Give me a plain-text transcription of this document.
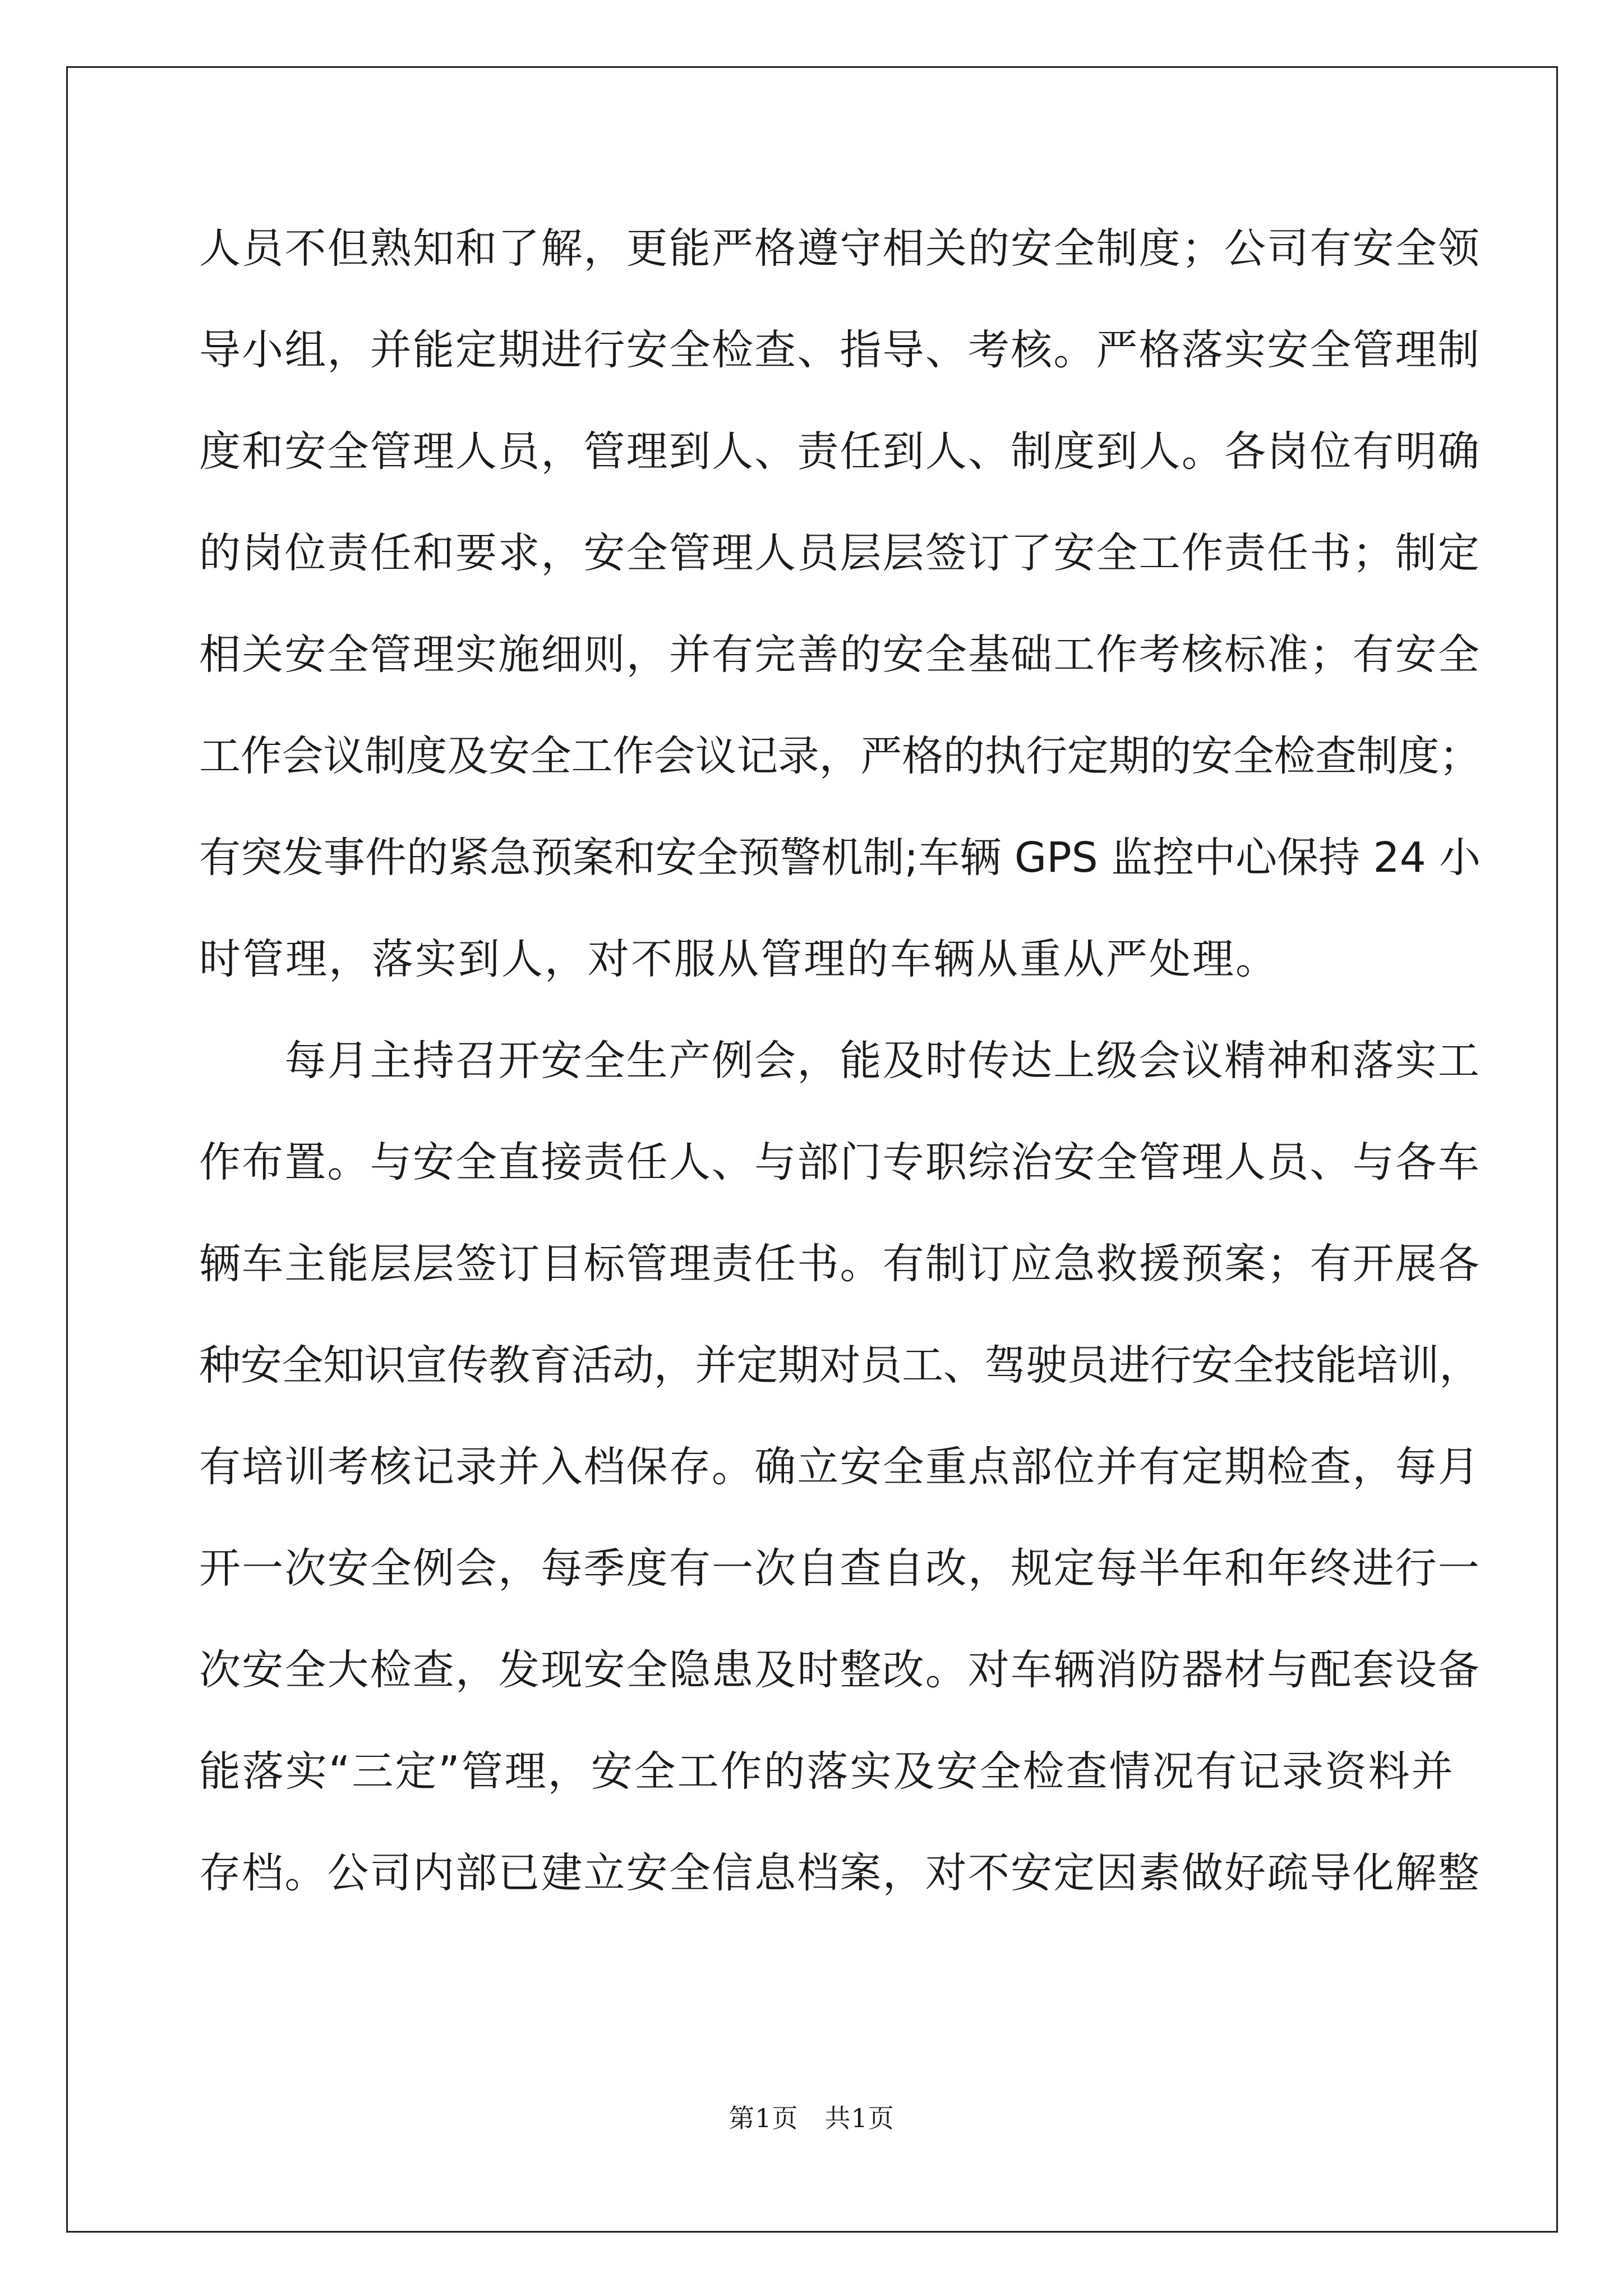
人员不但熟知和了解，更能严格遵守相关的安全制度；公司有安全领
导小组，并能定期进行安全检查、指导、考核。严格落实安全管理制
度和安全管理人员，管理到人、责任到人、制度到人。各岗位有明确
的岗位责任和要求，安全管理人员层层签订了安全工作责任书；制定
相关安全管理实施细则，并有完善的安全基础工作考核标准；有安全
工作会议制度及安全工作会议记录，严格的执行定期的安全检查制度；
有突发事件的紧急预案和安全预警机制;车辆 GPS 监控中心保持 24 小
时管理，落实到人，对不服从管理的车辆从重从严处理。
　　每月主持召开安全生产例会，能及时传达上级会议精神和落实工
作布置。与安全直接责任人、与部门专职综治安全管理人员、与各车
辆车主能层层签订目标管理责任书。有制订应急救援预案；有开展各
种安全知识宣传教育活动，并定期对员工、驾驶员进行安全技能培训，
有培训考核记录并入档保存。确立安全重点部位并有定期检查，每月
开一次安全例会，每季度有一次自查自改，规定每半年和年终进行一
次安全大检查，发现安全隐患及时整改。对车辆消防器材与配套设备
能落实“三定”管理，安全工作的落实及安全检查情况有记录资料并
存档。公司内部已建立安全信息档案，对不安定因素做好疏导化解整
第1页　共1页
